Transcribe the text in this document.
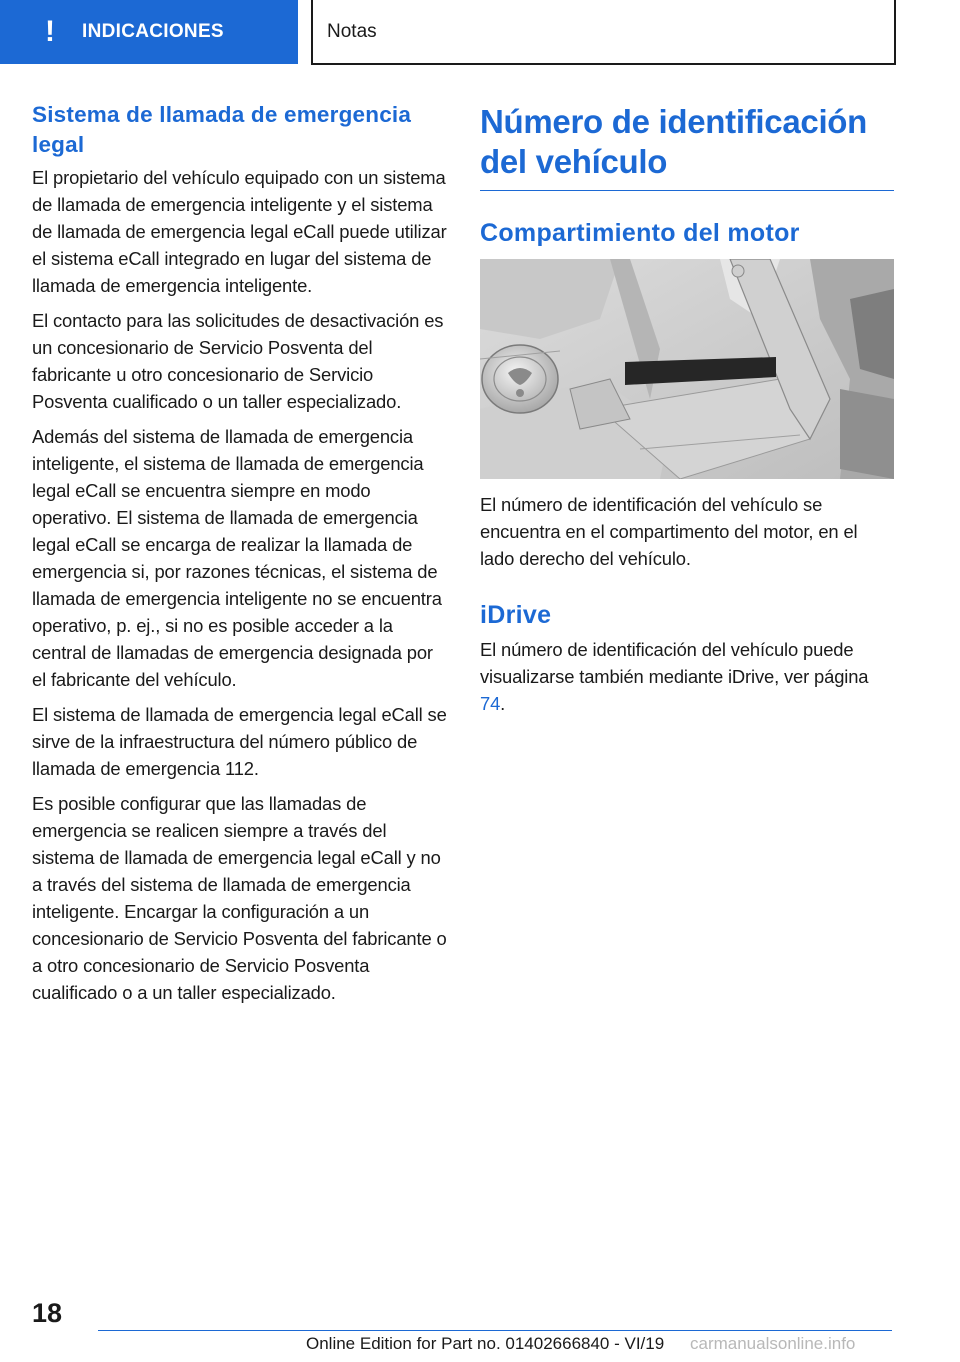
! INDICACIONES	Notas
Sistema de llamada de emergencia legal

El propietario del vehículo equipado con un sistema de llamada de emergencia inteligente y el sistema de llamada de emergencia legal eCall puede utilizar el sistema eCall integrado en lugar del sistema de llamada de emergencia inteligente.

El contacto para las solicitudes de desactivación es un concesionario de Servicio Posventa del fabricante u otro concesionario de Servicio Posventa cualificado o un taller especializado.

Además del sistema de llamada de emergencia inteligente, el sistema de llamada de emergencia legal eCall se encuentra siempre en modo operativo. El sistema de llamada de emergencia legal eCall se encarga de realizar la llamada de emergencia si, por razones técnicas, el sistema de llamada de emergencia inteligente no se encuentra operativo, p. ej., si no es posible acceder a la central de llamadas de emergencia designada por el fabricante del vehículo.

El sistema de llamada de emergencia legal eCall se sirve de la infraestructura del número público de llamada de emergencia 112.

Es posible configurar que las llamadas de emergencia se realicen siempre a través del sistema de llamada de emergencia legal eCall y no a través del sistema de llamada de emergencia inteligente. Encargar la configuración a un concesionario de Servicio Posventa del fabricante o a otro concesionario de Servicio Posventa cualificado o a un taller especializado.

Número de identificación del vehículo
Compartimiento del motor

El número de identificación del vehículo se encuentra en el compartimento del motor, en el lado derecho del vehículo.

iDrive

El número de identificación del vehículo puede visualizarse también mediante iDrive, ver página 74.

18
Online Edition for Part no. 01402666840 - VI/19 carmanualsonline.info
